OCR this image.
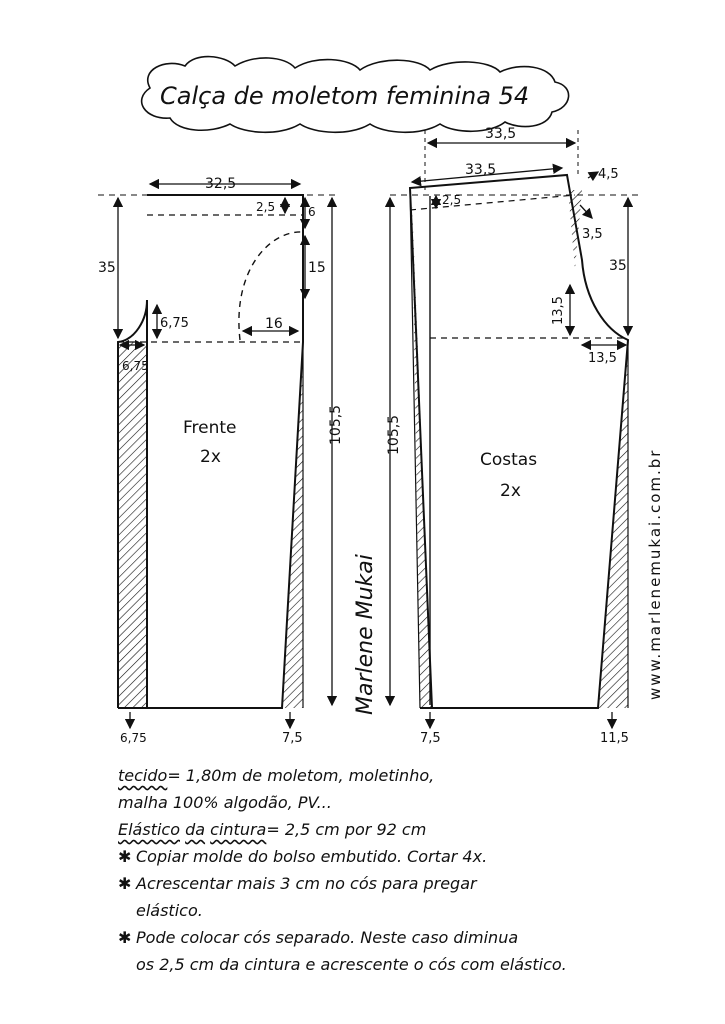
Calça de moletom feminina 54
32,5
2,5	6
15
35
6,75
6,75
16
105,5
6,75	7,5
Frente
2x
33,5
33,5	4,5
2,5
3,5
35
13,5
13,5
105,5
7,5	11,5
Costas
2x	www.marlenemukai.com.br
Marlene Mukai
tecido= 1,80m de moletom, moletinho,
malha 100% algodão, PV...
Elástico da cintura= 2,5 cm por 92 cm
✱ Copiar molde do bolso embutido. Cortar 4x.
✱ Acrescentar mais 3 cm no cós para pregar
elástico.
✱ Pode colocar cós separado. Neste caso diminua
os 2,5 cm da cintura e acrescente o cós com elástico.
